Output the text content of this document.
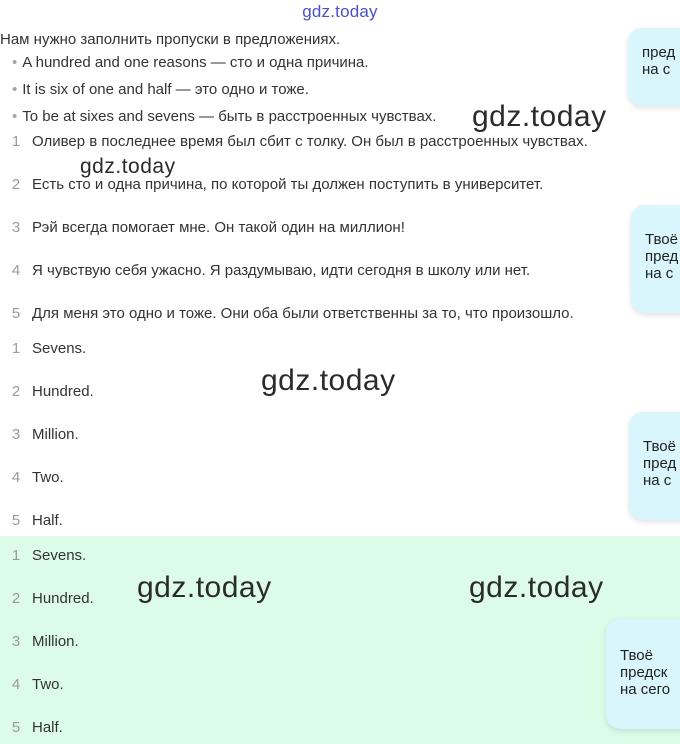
gdz.today
Нам нужно заполнить пропуски в предложениях.
• A hundred and one reasons — сто и одна причина.
• It is six of one and half — это одно и тоже.
• To be at sixes and sevens — быть в расстроенных чувствах.
1 Оливер в последнее время был сбит с толку. Он был в расстроенных чувствах.
2 Есть сто и одна причина, по которой ты должен поступить в университет.
3 Рэй всегда помогает мне. Он такой один на миллион!
4 Я чувствую себя ужасно. Я раздумываю, идти сегодня в школу или нет.
5 Для меня это одно и тоже. Они оба были ответственны за то, что произошло.
1 Sevens.
2 Hundred.
3 Million.
4 Two.
5 Half.
1 Sevens.
2 Hundred.
3 Million.
4 Two.
5 Half.
gdz.today
gdz.today
gdz.today
gdz.today	gdz.today
пред
на с
Твоё
пред
на с
Твоё
пред
на с
Твоё
предск
на сего
